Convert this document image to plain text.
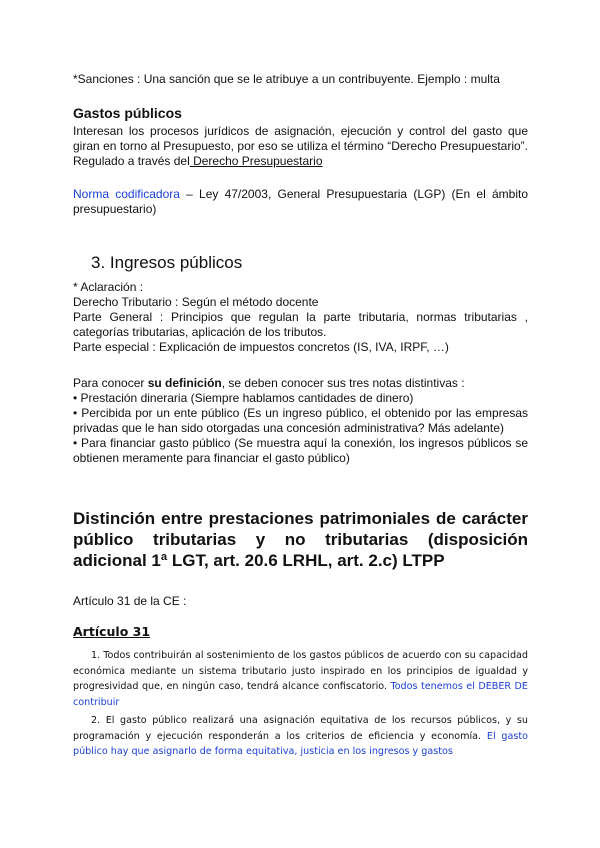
*Sanciones : Una sanción que se le atribuye a un contribuyente. Ejemplo : multa

Gastos públicos

Interesan los procesos jurídicos de asignación, ejecución y control del gasto que giran en torno al Presupuesto, por eso se utiliza el término “Derecho Presupuestario”. Regulado a través del Derecho Presupuestario

Norma codificadora – Ley 47/2003, General Presupuestaria (LGP) (En el ámbito presupuestario)

3. Ingresos públicos

* Aclaración :

Derecho Tributario : Según el método docente

Parte General : Principios que regulan la parte tributaria, normas tributarias , categorías tributarias, aplicación de los tributos.

Parte especial : Explicación de impuestos concretos (IS, IVA, IRPF, …)

Para conocer su definición, se deben conocer sus tres notas distintivas :

• Prestación dineraria (Siempre hablamos cantidades de dinero)

• Percibida por un ente público (Es un ingreso público, el obtenido por las empresas privadas que le han sido otorgadas una concesión administrativa? Más adelante)

• Para financiar gasto público (Se muestra aquí la conexión, los ingresos públicos se obtienen meramente para financiar el gasto público)

Distinción entre prestaciones patrimoniales de carácter público tributarias y no tributarias (disposición adicional 1ª LGT, art. 20.6 LRHL, art. 2.c) LTPP

Artículo 31 de la CE :

Artículo 31

1. Todos contribuirán al sostenimiento de los gastos públicos de acuerdo con su capacidad económica mediante un sistema tributario justo inspirado en los principios de igualdad y progresividad que, en ningún caso, tendrá alcance confiscatorio. Todos tenemos el DEBER DE contribuir

2. El gasto público realizará una asignación equitativa de los recursos públicos, y su programación y ejecución responderán a los criterios de eficiencia y economía. El gasto público hay que asignarlo de forma equitativa, justicia en los ingresos y gastos
